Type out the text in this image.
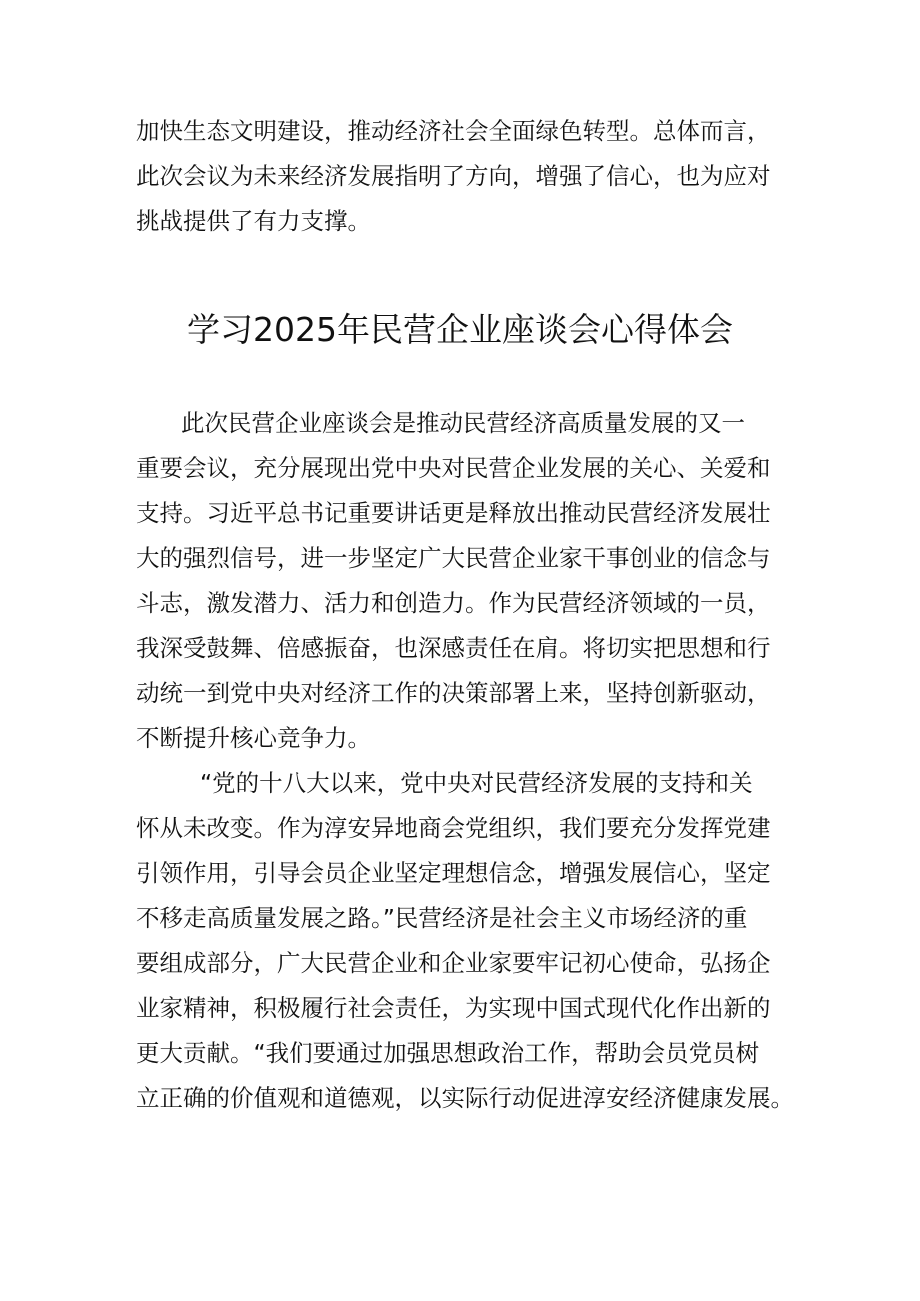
加快生态文明建设，推动经济社会全面绿色转型。总体而言，
此次会议为未来经济发展指明了方向，增强了信心，也为应对
挑战提供了有力支撑。
学习2025年民营企业座谈会心得体会
此次民营企业座谈会是推动民营经济高质量发展的又一
重要会议，充分展现出党中央对民营企业发展的关心、关爱和
支持。习近平总书记重要讲话更是释放出推动民营经济发展壮
大的强烈信号，进一步坚定广大民营企业家干事创业的信念与
斗志，激发潜力、活力和创造力。作为民营经济领域的一员，
我深受鼓舞、倍感振奋，也深感责任在肩。将切实把思想和行
动统一到党中央对经济工作的决策部署上来，坚持创新驱动，
不断提升核心竞争力。
“党的十八大以来，党中央对民营经济发展的支持和关
怀从未改变。作为淳安异地商会党组织，我们要充分发挥党建
引领作用，引导会员企业坚定理想信念，增强发展信心，坚定
不移走高质量发展之路。”民营经济是社会主义市场经济的重
要组成部分，广大民营企业和企业家要牢记初心使命，弘扬企
业家精神，积极履行社会责任，为实现中国式现代化作出新的
更大贡献。“我们要通过加强思想政治工作，帮助会员党员树
立正确的价值观和道德观，以实际行动促进淳安经济健康发展。
